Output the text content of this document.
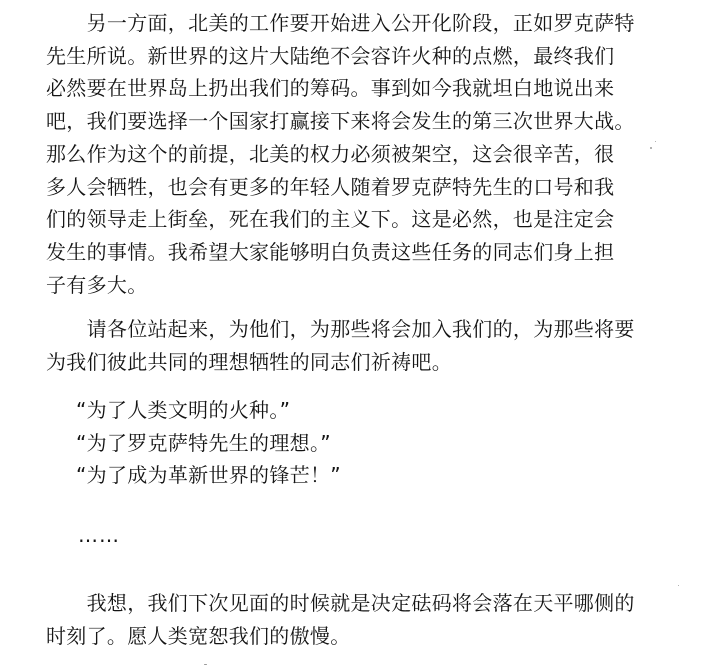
　　另一方面，北美的工作要开始进入公开化阶段，正如罗克萨特
先生所说。新世界的这片大陆绝不会容许火种的点燃，最终我们
必然要在世界岛上扔出我们的筹码。事到如今我就坦白地说出来
吧，我们要选择一个国家打赢接下来将会发生的第三次世界大战。
那么作为这个的前提，北美的权力必须被架空，这会很辛苦，很
多人会牺牲，也会有更多的年轻人随着罗克萨特先生的口号和我
们的领导走上街垒，死在我们的主义下。这是必然，也是注定会
发生的事情。我希望大家能够明白负责这些任务的同志们身上担
子有多大。
　　请各位站起来，为他们，为那些将会加入我们的，为那些将要
为我们彼此共同的理想牺牲的同志们祈祷吧。
“为了人类文明的火种。”
“为了罗克萨特先生的理想。”
“为了成为革新世界的锋芒！”
……
　　我想，我们下次见面的时候就是决定砝码将会落在天平哪侧的
时刻了。愿人类宽恕我们的傲慢。
